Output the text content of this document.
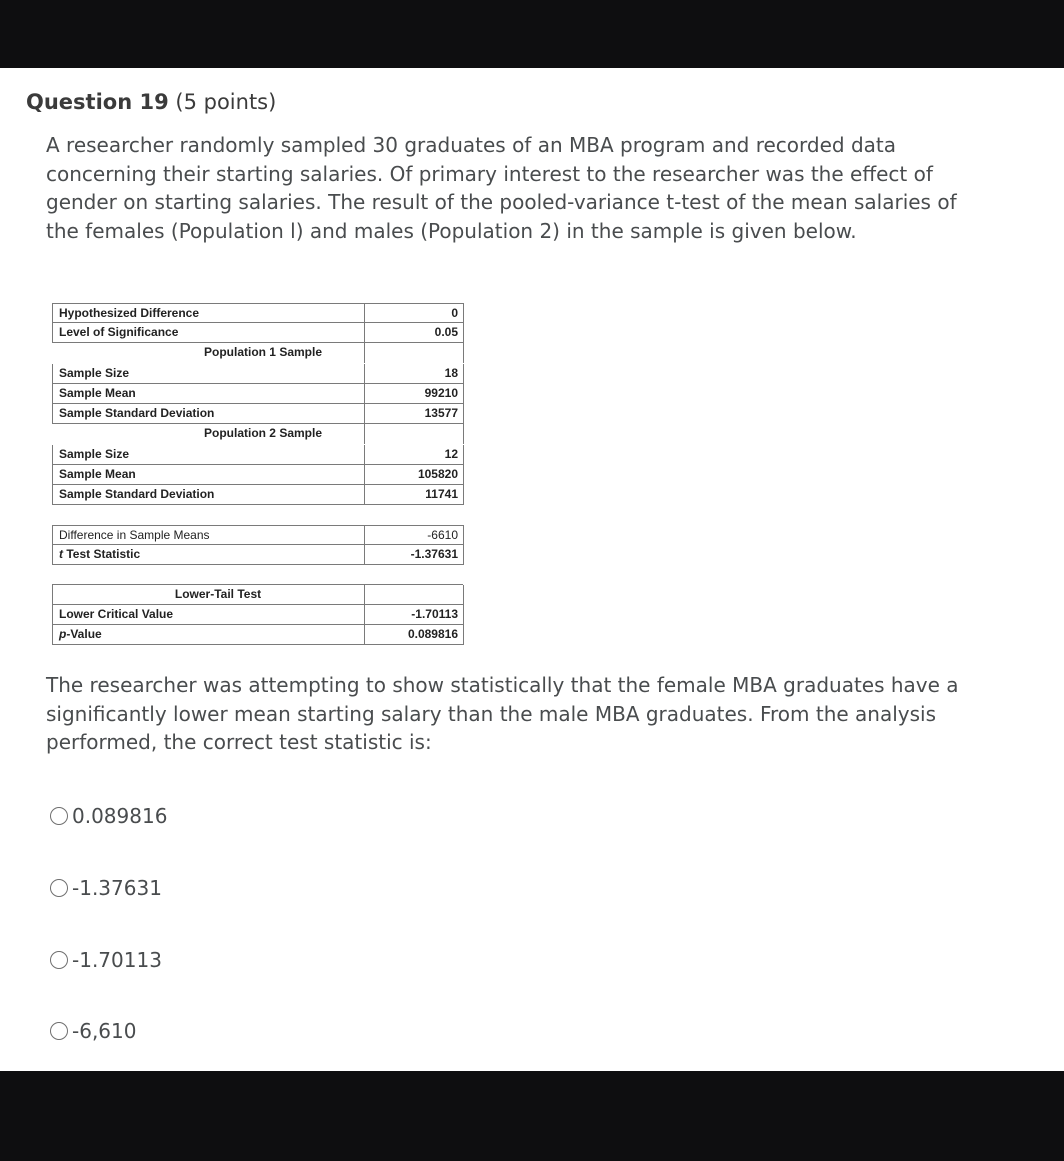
Question 19 (5 points)
A researcher randomly sampled 30 graduates of an MBA program and recorded data concerning their starting salaries. Of primary interest to the researcher was the effect of gender on starting salaries. The result of the pooled-variance t-test of the mean salaries of the females (Population l) and males (Population 2) in the sample is given below.
Hypothesized Difference	0
Level of Significance	0.05
Population 1 Sample
Sample Size	18
Sample Mean	99210
Sample Standard Deviation	13577
Population 2 Sample
Sample Size	12
Sample Mean	105820
Sample Standard Deviation	11741
Difference in Sample Means	-6610
t Test Statistic	-1.37631
Lower-Tail Test
Lower Critical Value	-1.70113
p-Value	0.089816
The researcher was attempting to show statistically that the female MBA graduates have a significantly lower mean starting salary than the male MBA graduates. From the analysis performed, the correct test statistic is:
0.089816
-1.37631
-1.70113
-6,610
